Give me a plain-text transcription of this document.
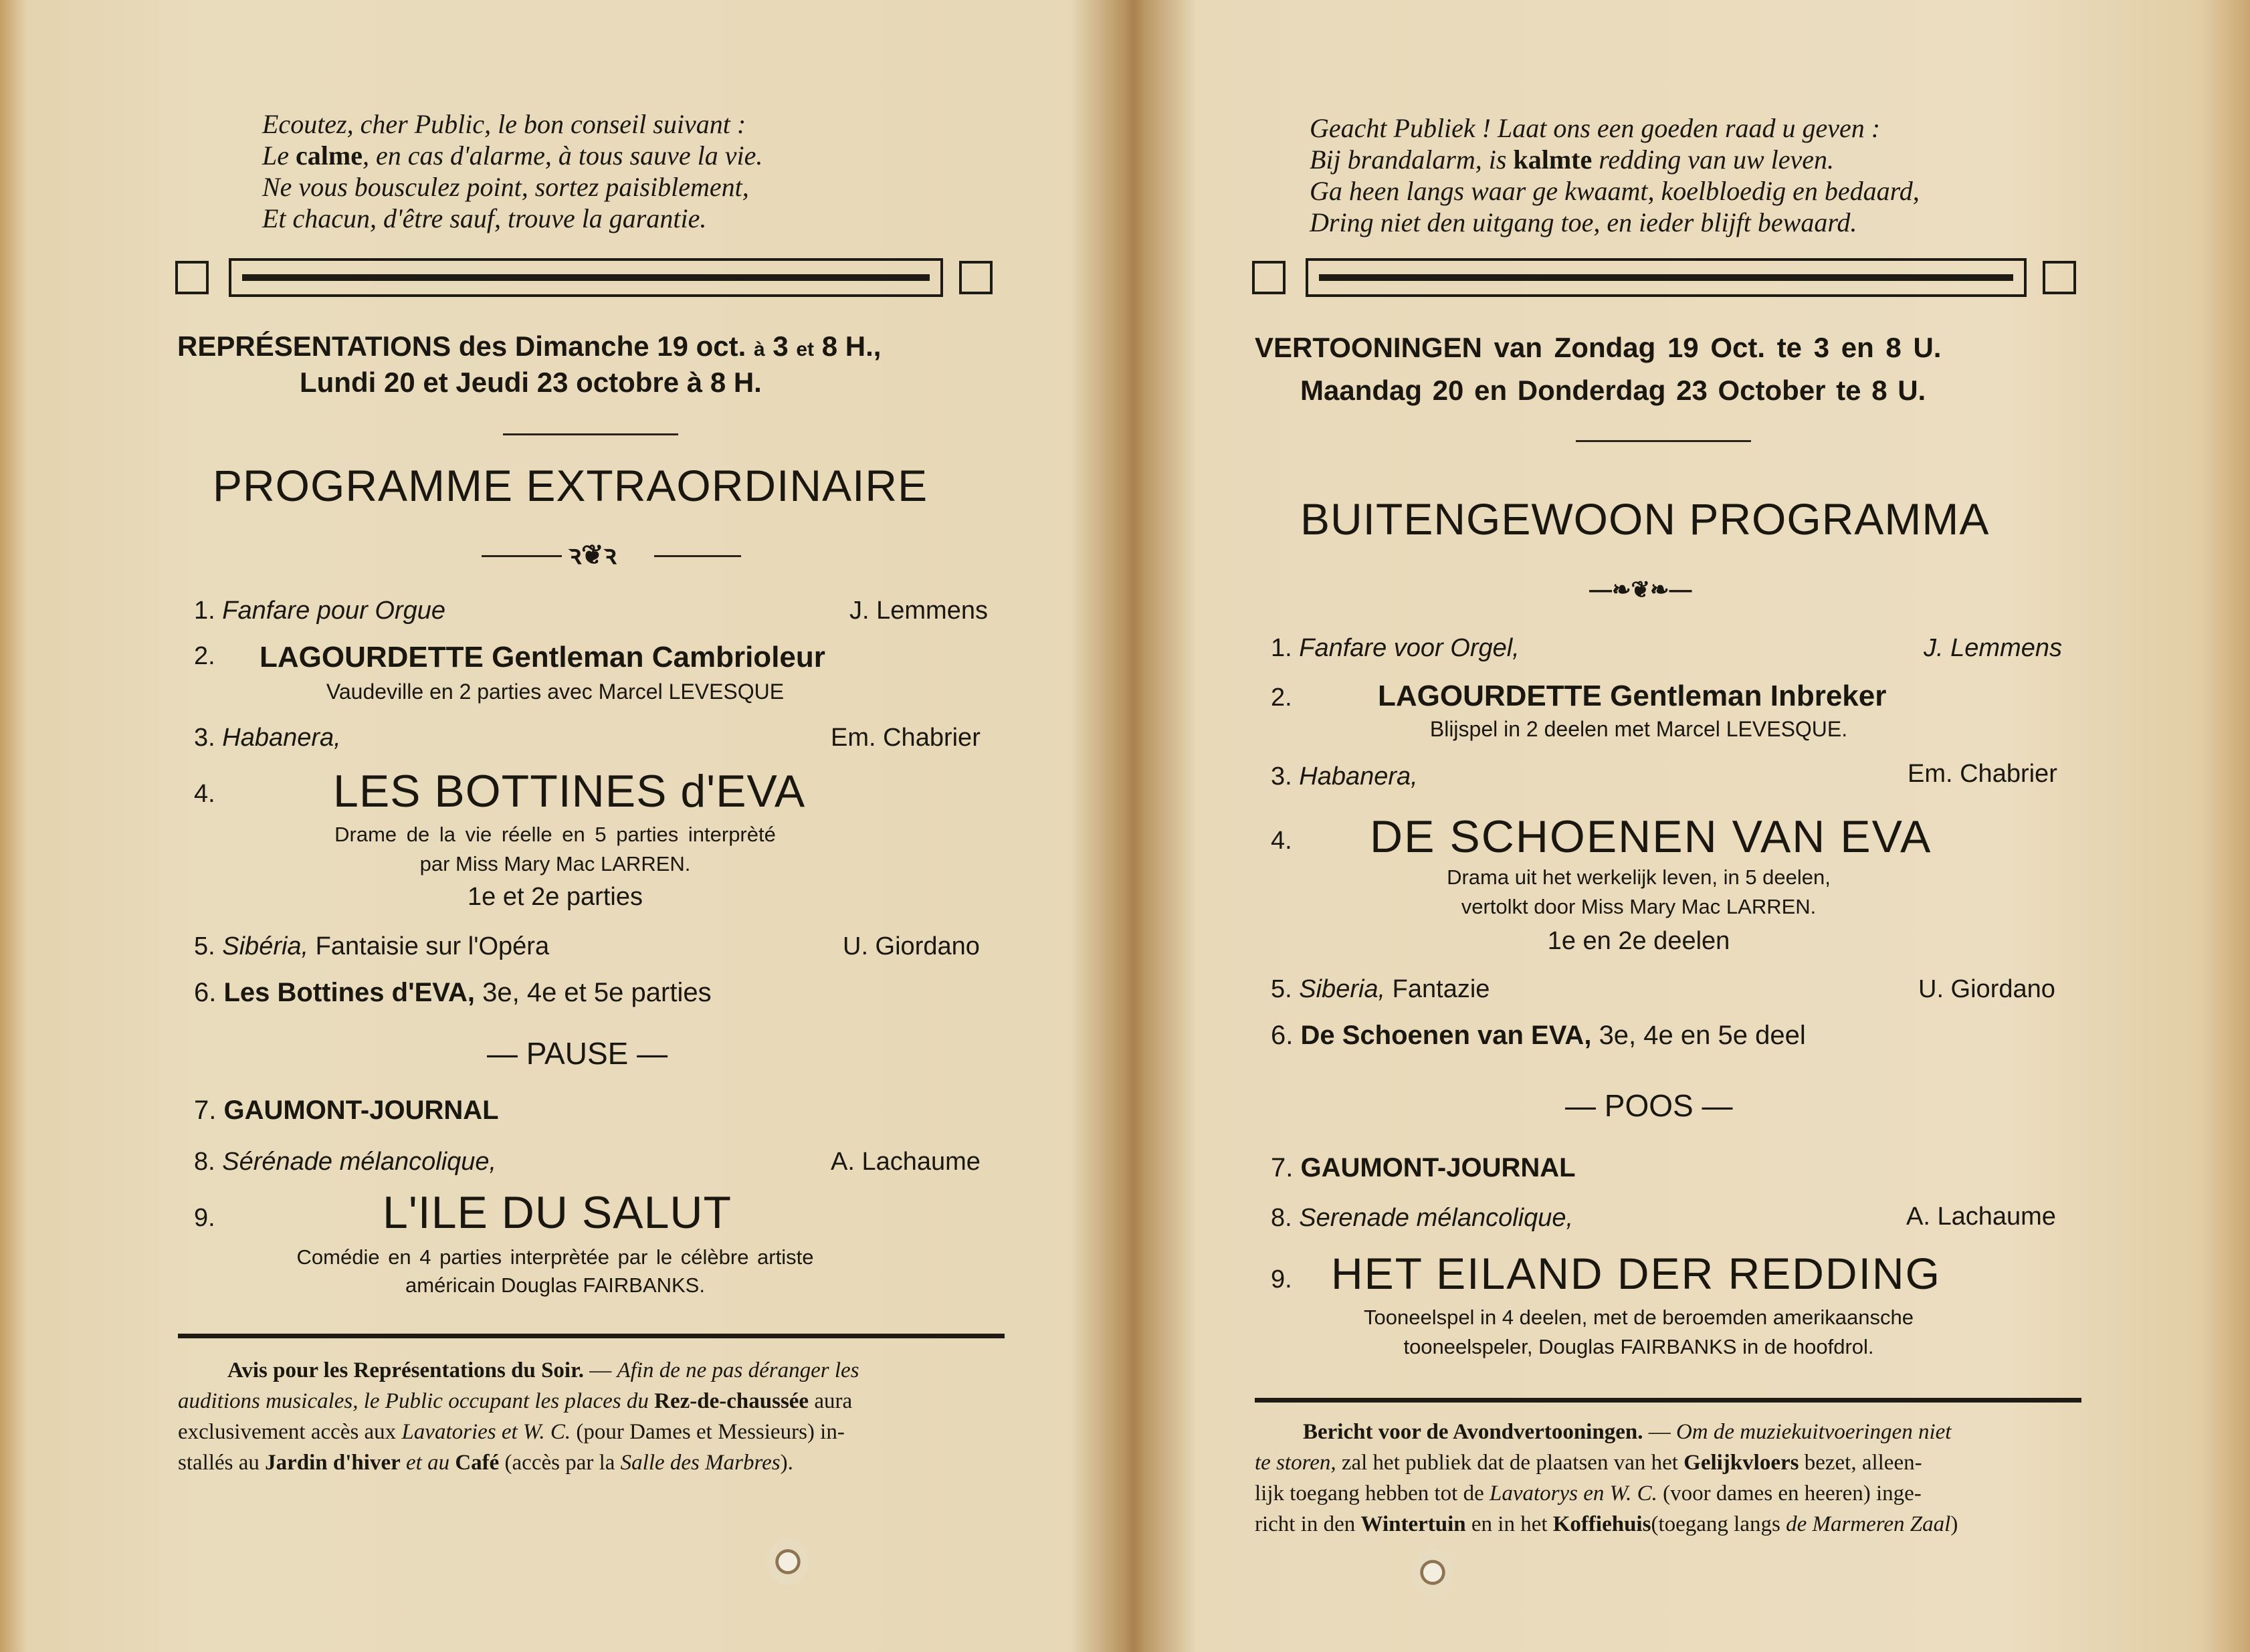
Ecoutez, cher Public, le bon conseil suivant :
Le calme, en cas d'alarme, à tous sauve la vie.
Ne vous bousculez point, sortez paisiblement,
Et chacun, d'être sauf, trouve la garantie.
REPRÉSENTATIONS des Dimanche 19 oct. à 3 et 8 H.,
Lundi 20 et Jeudi 23 octobre à 8 H.
PROGRAMME EXTRAORDINAIRE
ꝛ❦ꝛ
1. Fanfare pour Orgue	J. Lemmens
2. LAGOURDETTE Gentleman Cambrioleur
Vaudeville en 2 parties avec Marcel LEVESQUE
3. Habanera,	Em. Chabrier
4.	LES BOTTINES d'EVA
Drame de la vie réelle en 5 parties interprèté
par Miss Mary Mac LARREN.
1e et 2e parties
5. Sibéria, Fantaisie sur l'Opéra	U. Giordano
6. Les Bottines d'EVA, 3e, 4e et 5e parties
— PAUSE —
7. GAUMONT-JOURNAL
8. Sérénade mélancolique,	A. Lachaume
9.	L'ILE DU SALUT
Comédie en 4 parties interprètée par le célèbre artiste
américain Douglas FAIRBANKS.
Avis pour les Représentations du Soir. — Afin de ne pas déranger les
auditions musicales, le Public occupant les places du Rez-de-chaussée aura
exclusivement accès aux Lavatories et W. C. (pour Dames et Messieurs) in-
stallés au Jardin d'hiver et au Café (accès par la Salle des Marbres).
Geacht Publiek ! Laat ons een goeden raad u geven :
Bij brandalarm, is kalmte redding van uw leven.
Ga heen langs waar ge kwaamt, koelbloedig en bedaard,
Dring niet den uitgang toe, en ieder blijft bewaard.
VERTOONINGEN van Zondag 19 Oct. te 3 en 8 U.
Maandag 20 en Donderdag 23 October te 8 U.
BUITENGEWOON PROGRAMMA
—❧❦❧—
1. Fanfare voor Orgel,	J. Lemmens
2.	LAGOURDETTE Gentleman Inbreker
Blijspel in 2 deelen met Marcel LEVESQUE.
3. Habanera,	Em. Chabrier
4. DE SCHOENEN VAN EVA
Drama uit het werkelijk leven, in 5 deelen,
vertolkt door Miss Mary Mac LARREN.
1e en 2e deelen
5. Siberia, Fantazie	U. Giordano
6. De Schoenen van EVA, 3e, 4e en 5e deel
— POOS —
7. GAUMONT-JOURNAL
8. Serenade mélancolique,	A. Lachaume
9. HET EILAND DER REDDING
Tooneelspel in 4 deelen, met de beroemden amerikaansche
tooneelspeler, Douglas FAIRBANKS in de hoofdrol.
Bericht voor de Avondvertooningen. — Om de muziekuitvoeringen niet
te storen, zal het publiek dat de plaatsen van het Gelijkvloers bezet, alleen-
lijk toegang hebben tot de Lavatorys en W. C. (voor dames en heeren) inge-
richt in den Wintertuin en in het Koffiehuis(toegang langs de Marmeren Zaal)
